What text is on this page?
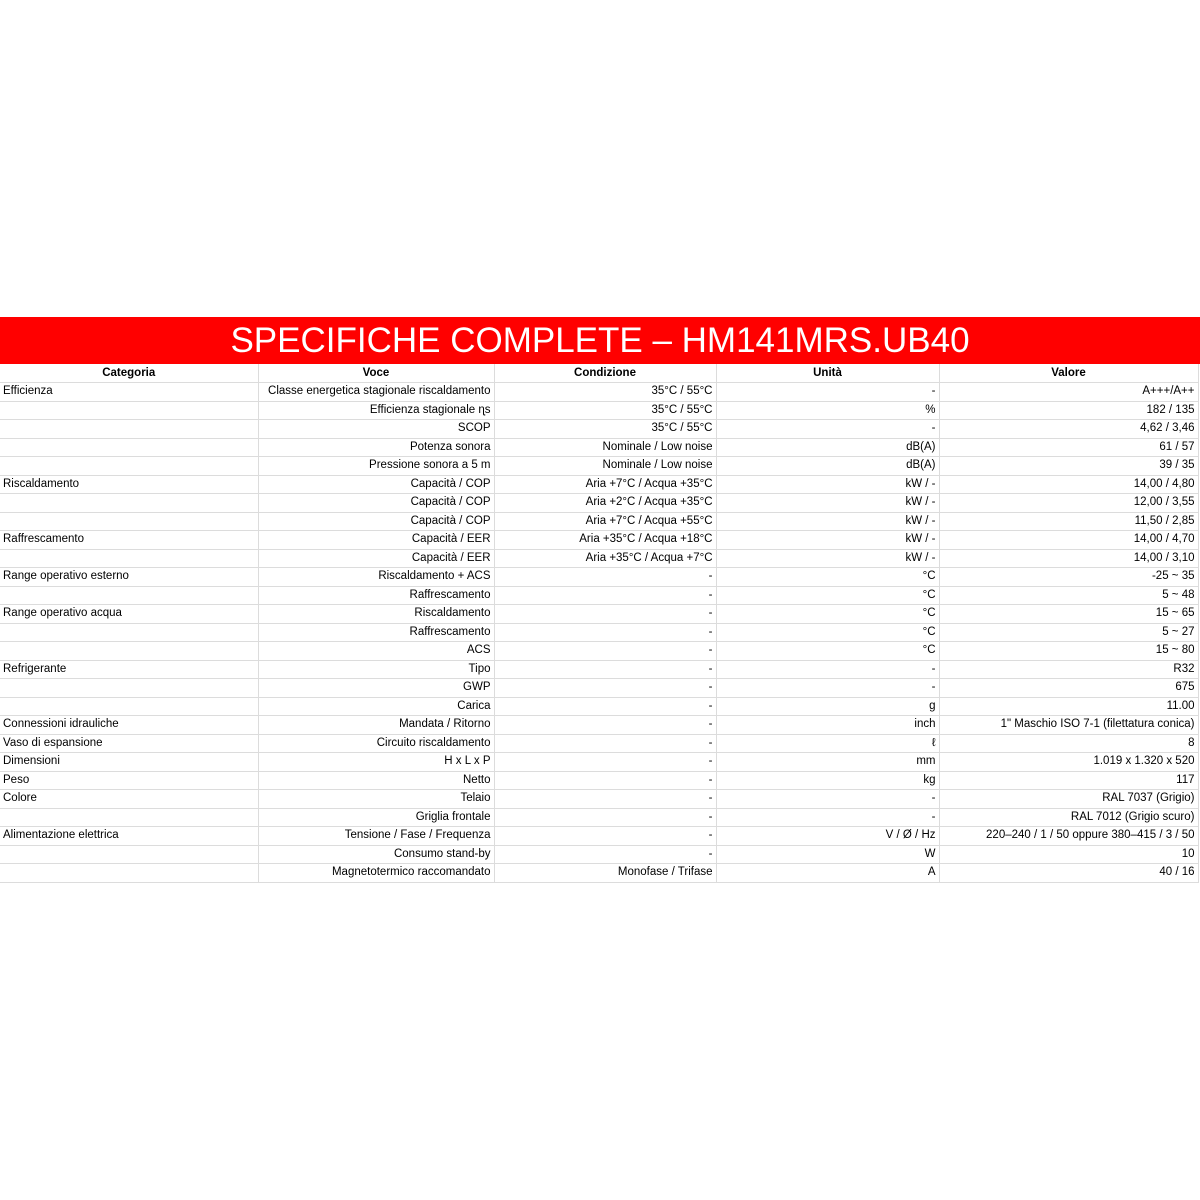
SPECIFICHE COMPLETE – HM141MRS.UB40
Categoria	Voce	Condizione	Unità	Valore
Efficienza	Classe energetica stagionale riscaldamento	35°C / 55°C	-	A+++/A++
	Efficienza stagionale ɳs	35°C / 55°C	%	182 / 135
	SCOP	35°C / 55°C	-	4,62 / 3,46
	Potenza sonora	Nominale / Low noise	dB(A)	61 / 57
	Pressione sonora a 5 m	Nominale / Low noise	dB(A)	39 / 35
Riscaldamento	Capacità / COP	Aria +7°C / Acqua +35°C	kW / -	14,00 / 4,80
	Capacità / COP	Aria +2°C / Acqua +35°C	kW / -	12,00 / 3,55
	Capacità / COP	Aria +7°C / Acqua +55°C	kW / -	11,50 / 2,85
Raffrescamento	Capacità / EER	Aria +35°C / Acqua +18°C	kW / -	14,00 / 4,70
	Capacità / EER	Aria +35°C / Acqua +7°C	kW / -	14,00 / 3,10
Range operativo esterno	Riscaldamento + ACS	-	°C	-25 ~ 35
	Raffrescamento	-	°C	5 ~ 48
Range operativo acqua	Riscaldamento	-	°C	15 ~ 65
	Raffrescamento	-	°C	5 ~ 27
	ACS	-	°C	15 ~ 80
Refrigerante	Tipo	-	-	R32
	GWP	-	-	675
	Carica	-	g	11.00
Connessioni idrauliche	Mandata / Ritorno	-	inch	1" Maschio ISO 7-1 (filettatura conica)
Vaso di espansione	Circuito riscaldamento	-	ℓ	8
Dimensioni	H x L x P	-	mm	1.019 x 1.320 x 520
Peso	Netto	-	kg	117
Colore	Telaio	-	-	RAL 7037 (Grigio)
	Griglia frontale	-	-	RAL 7012 (Grigio scuro)
Alimentazione elettrica	Tensione / Fase / Frequenza	-	V / Ø / Hz	220–240 / 1 / 50 oppure 380–415 / 3 / 50
	Consumo stand-by	-	W	10
	Magnetotermico raccomandato	Monofase / Trifase	A	40 / 16
